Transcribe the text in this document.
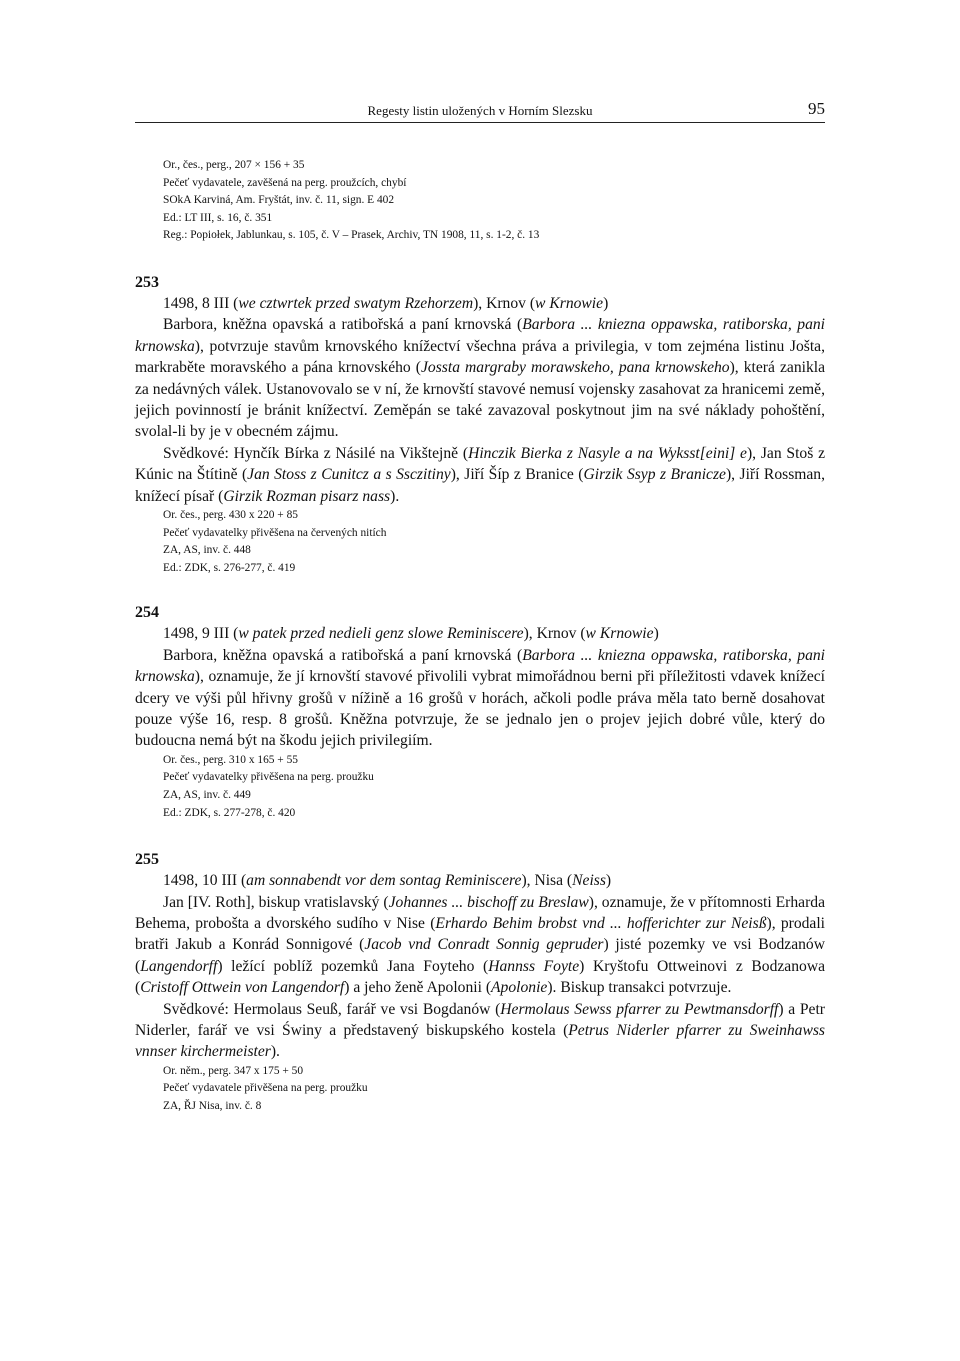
Regesty listin uložených v Horním Slezsku	95

Or., čes., perg., 207 × 156 + 35

Pečeť vydavatele, zavěšená na perg. proužcích, chybí

SOkA Karviná, Am. Fryštát, inv. č. 11, sign. E 402

Ed.: LT III, s. 16, č. 351

Reg.: Popiołek, Jablunkau, s. 105, č. V – Prasek, Archiv, TN 1908, 11, s. 1-2, č. 13

253

1498, 8 III (we cztwrtek przed swatym Rzehorzem), Krnov (w Krnowie)

Barbora, kněžna opavská a ratibořská a paní krnovská (Barbora ... kniezna oppawska, ratiborska, pani krnowska), potvrzuje stavům krnovského knížectví všechna práva a privilegia, v tom zejména listinu Jošta, markraběte moravského a pána krnovského (Jossta margraby morawskeho, pana krnowskeho), která zanikla za nedávných válek. Ustanovovalo se v ní, že krnovští stavové nemusí vojensky zasahovat za hranicemi země, jejich povinností je bránit knížectví. Zeměpán se také zavazoval poskytnout jim na své náklady pohoštění, svolal-li by je v obecném zájmu.

Svědkové: Hynčík Bírka z Násilé na Vikštejně (Hinczik Bierka z Nasyle a na Wyksst[eini] e), Jan Stoš z Kúnic na Štítině (Jan Stoss z Cunitcz a s Ssczitiny), Jiří Šíp z Branice (Girzik Ssyp z Branicze), Jiří Rossman, knížecí písař (Girzik Rozman pisarz nass).

Or. čes., perg. 430 x 220 + 85

Pečeť vydavatelky přivěšena na červených nitích

ZA, AS, inv. č. 448

Ed.: ZDK, s. 276-277, č. 419

254

1498, 9 III (w patek przed nedieli genz slowe Reminiscere), Krnov (w Krnowie)

Barbora, kněžna opavská a ratibořská a paní krnovská (Barbora ... kniezna oppawska, ratiborska, pani krnowska), oznamuje, že jí krnovští stavové přivolili vybrat mimořádnou berni při příležitosti vdavek knížecí dcery ve výši půl hřivny grošů v nížině a 16 grošů v horách, ačkoli podle práva měla tato berně dosahovat pouze výše 16, resp. 8 grošů. Kněžna potvrzuje, že se jednalo jen o projev jejich dobré vůle, který do budoucna nemá být na škodu jejich privilegiím.

Or. čes., perg. 310 x 165 + 55

Pečeť vydavatelky přivěšena na perg. proužku

ZA, AS, inv. č. 449

Ed.: ZDK, s. 277-278, č. 420

255

1498, 10 III (am sonnabendt vor dem sontag Reminiscere), Nisa (Neiss)

Jan [IV. Roth], biskup vratislavský (Johannes ... bischoff zu Breslaw), oznamuje, že v přítomnosti Erharda Behema, probošta a dvorského sudího v Nise (Erhardo Behim brobst vnd ... hofferichter zur Neisß), prodali bratři Jakub a Konrád Sonnigové (Jacob vnd Conradt Sonnig gepruder) jisté pozemky ve vsi Bodzanów (Langendorff) ležící poblíž pozemků Jana Foyteho (Hannss Foyte) Kryštofu Ottweinovi z Bodzanowa (Cristoff Ottwein von Langendorf) a jeho ženě Apolonii (Apolonie). Biskup transakci potvrzuje.

Svědkové: Hermolaus Seuß, farář ve vsi Bogdanów (Hermolaus Sewss pfarrer zu Pewtmansdorff) a Petr Niderler, farář ve vsi Świny a představený biskupského kostela (Petrus Niderler pfarrer zu Sweinhawss vnnser kirchermeister).

Or. něm., perg. 347 x 175 + 50

Pečeť vydavatele přivěšena na perg. proužku

ZA, ŘJ Nisa, inv. č. 8
